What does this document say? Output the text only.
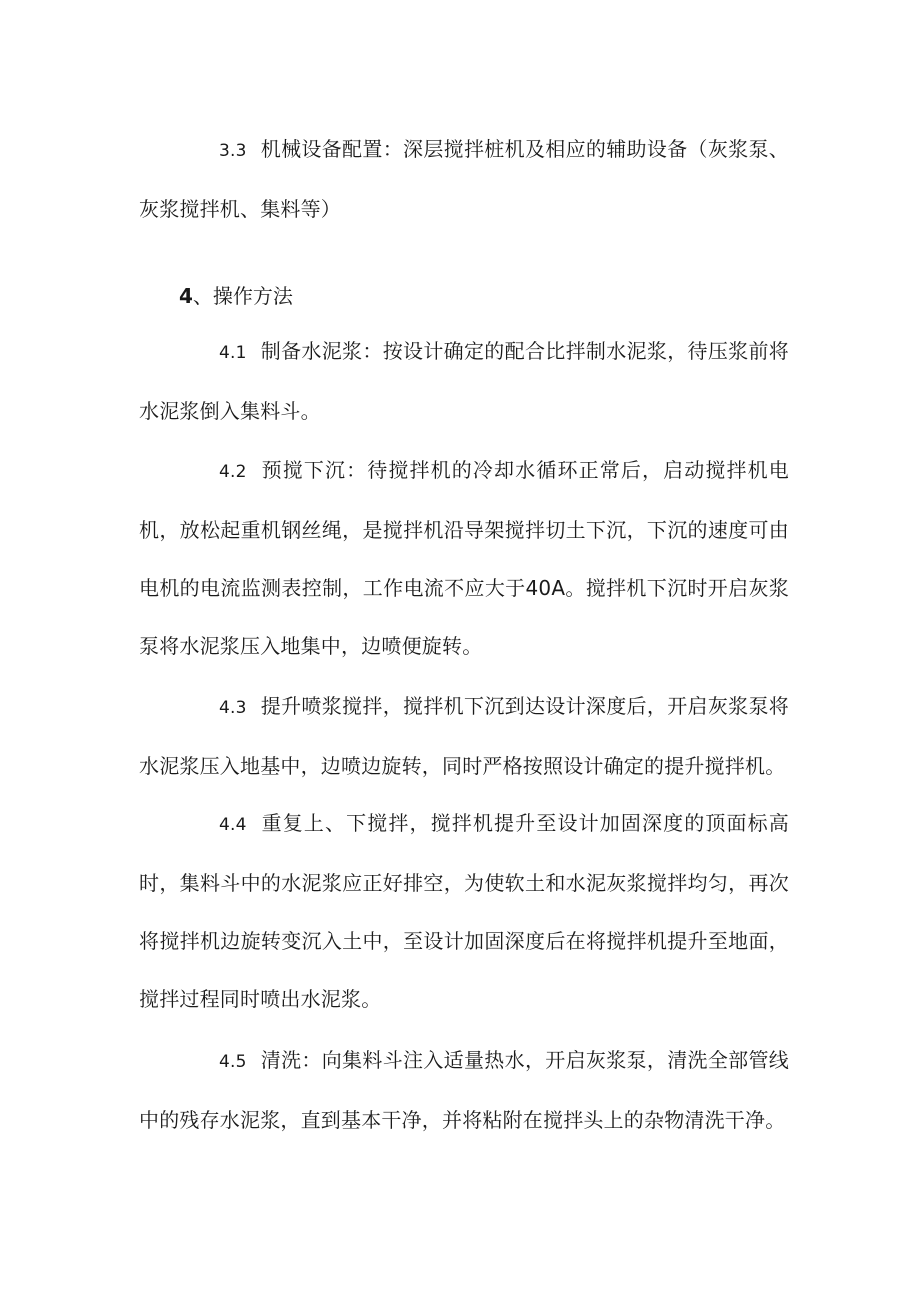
3.3 机械设备配置：深层搅拌桩机及相应的辅助设备（灰浆泵、灰浆搅拌机、集料等）

4、操作方法

4.1 制备水泥浆：按设计确定的配合比拌制水泥浆，待压浆前将水泥浆倒入集料斗。

4.2 预搅下沉：待搅拌机的冷却水循环正常后，启动搅拌机电机，放松起重机钢丝绳，是搅拌机沿导架搅拌切土下沉，下沉的速度可由电机的电流监测表控制，工作电流不应大于40A。搅拌机下沉时开启灰浆泵将水泥浆压入地集中，边喷便旋转。

4.3 提升喷浆搅拌，搅拌机下沉到达设计深度后，开启灰浆泵将水泥浆压入地基中，边喷边旋转，同时严格按照设计确定的提升搅拌机。

4.4 重复上、下搅拌，搅拌机提升至设计加固深度的顶面标高时，集料斗中的水泥浆应正好排空，为使软土和水泥灰浆搅拌均匀，再次将搅拌机边旋转变沉入土中，至设计加固深度后在将搅拌机提升至地面，搅拌过程同时喷出水泥浆。

4.5 清洗：向集料斗注入适量热水，开启灰浆泵，清洗全部管线中的残存水泥浆，直到基本干净，并将粘附在搅拌头上的杂物清洗干净。
